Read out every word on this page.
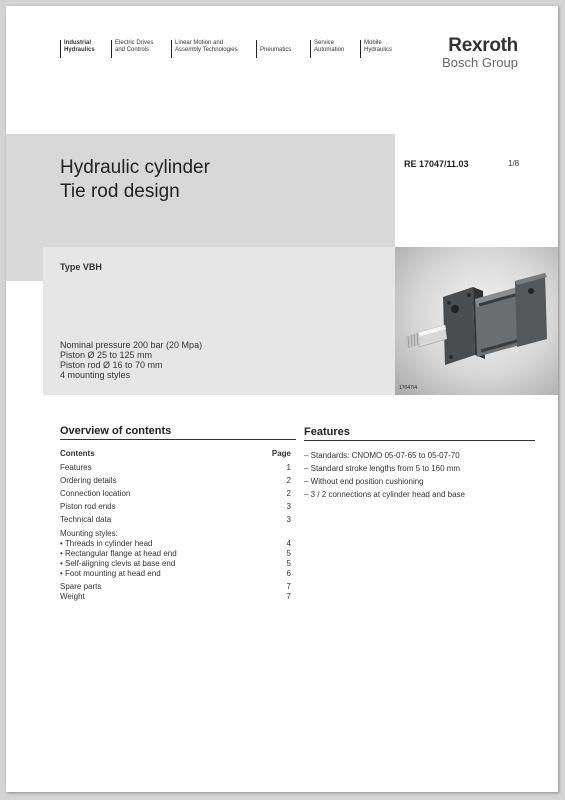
Industrial
Hydraulics
Electric Drives
and Controls
Linear Motion and
Assembly Technologies	Pneumatics
Service
Automation
Mobile
Hydraulics	Rexroth
Bosch Group
Hydraulic cylinder
Tie rod design
RE 17047/11.03	1/8
Type VBH
Nominal pressure 200 bar (20 Mpa)
Piston Ø 25 to 125 mm
Piston rod Ø 16 to 70 mm
4 mounting styles
17047/4
Overview of contents
Contents	Page
Features	1
Ordering details	2
Connection location	2
Piston rod ends	3
Technical data	3
Mounting styles:
• Threads in cylinder head	4
• Rectangular flange at head end	5
• Self-aligning clevis at base end	5
• Foot mounting at head end	6
Spare parts	7
Weight	7
Features
– Standards: CNOMO 05-07-65 to 05-07-70
– Standard stroke lengths from 5 to 160 mm
– Without end position cushioning
– 3 / 2 connections at cylinder head and base
